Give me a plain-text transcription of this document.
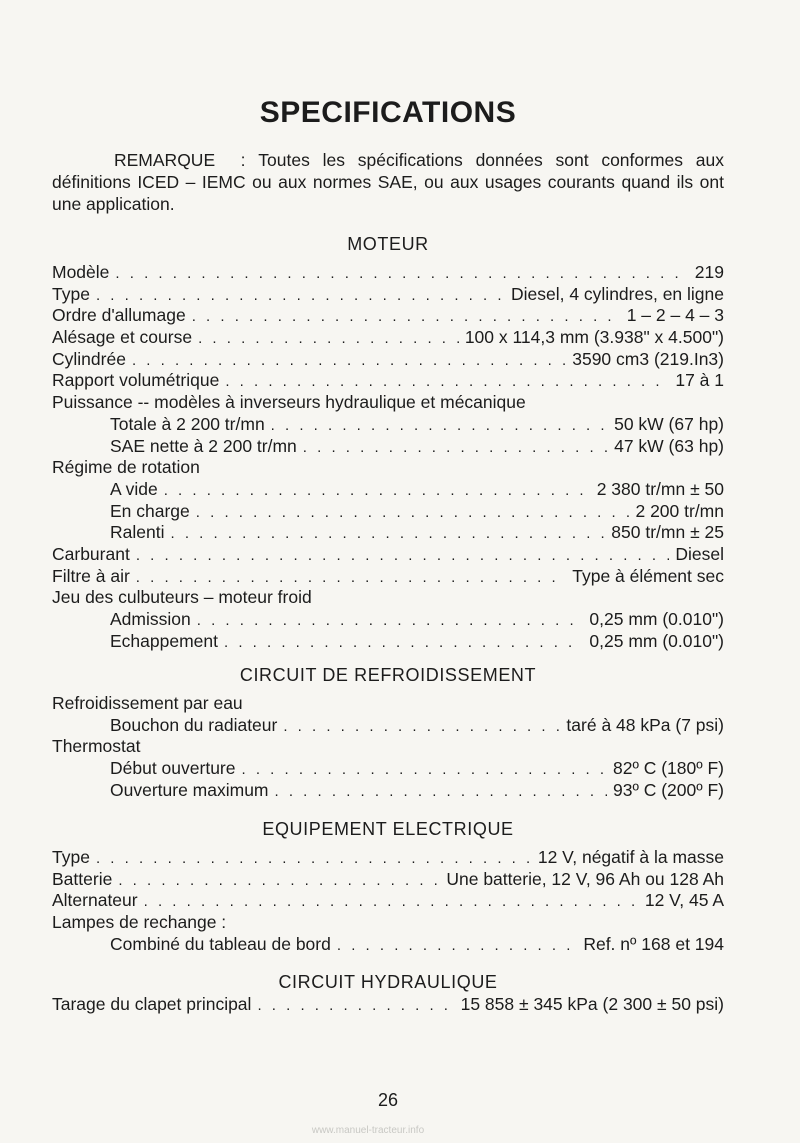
SPECIFICATIONS
REMARQUE  : Toutes les spécifications données sont conformes aux définitions ICED – IEMC ou aux normes SAE, ou aux usages courants quand ils ont une application.
MOTEUR
Modèle . . .	219
Type . . .	Diesel, 4 cylindres, en ligne
Ordre d'allumage . . .	1 – 2 – 4 – 3
Alésage et course . . .	100 x 114,3 mm (3.938" x 4.500")
Cylindrée . . .	3590 cm3 (219.In3)
Rapport volumétrique . . .	17 à 1
Puissance -- modèles à inverseurs hydraulique et mécanique
Totale à 2 200 tr/mn . . .	50 kW (67 hp)
SAE nette à 2 200 tr/mn . . .	47 kW (63 hp)
Régime de rotation
A vide . . .	2 380 tr/mn ± 50
En charge . . .	2 200 tr/mn
Ralenti . . .	850 tr/mn ± 25
Carburant . . .	Diesel
Filtre à air . . .	Type à élément sec
Jeu des culbuteurs – moteur froid
Admission . . .	0,25 mm (0.010")
Echappement . . .	0,25 mm (0.010")
CIRCUIT DE REFROIDISSEMENT
Refroidissement par eau
Bouchon du radiateur . . .	taré à 48 kPa (7 psi)
Thermostat
Début ouverture . . .	82º C (180º F)
Ouverture maximum . . .	93º C (200º F)
EQUIPEMENT ELECTRIQUE
Type . . .	12 V, négatif à la masse
Batterie . . .	Une batterie, 12 V, 96 Ah ou 128 Ah
Alternateur . . .	12 V, 45 A
Lampes de rechange :
Combiné du tableau de bord . . .	Ref. nº 168 et 194
CIRCUIT HYDRAULIQUE
Tarage du clapet principal . . .	15 858 ± 345 kPa (2 300 ± 50 psi)
26
www.manuel-tracteur.info
